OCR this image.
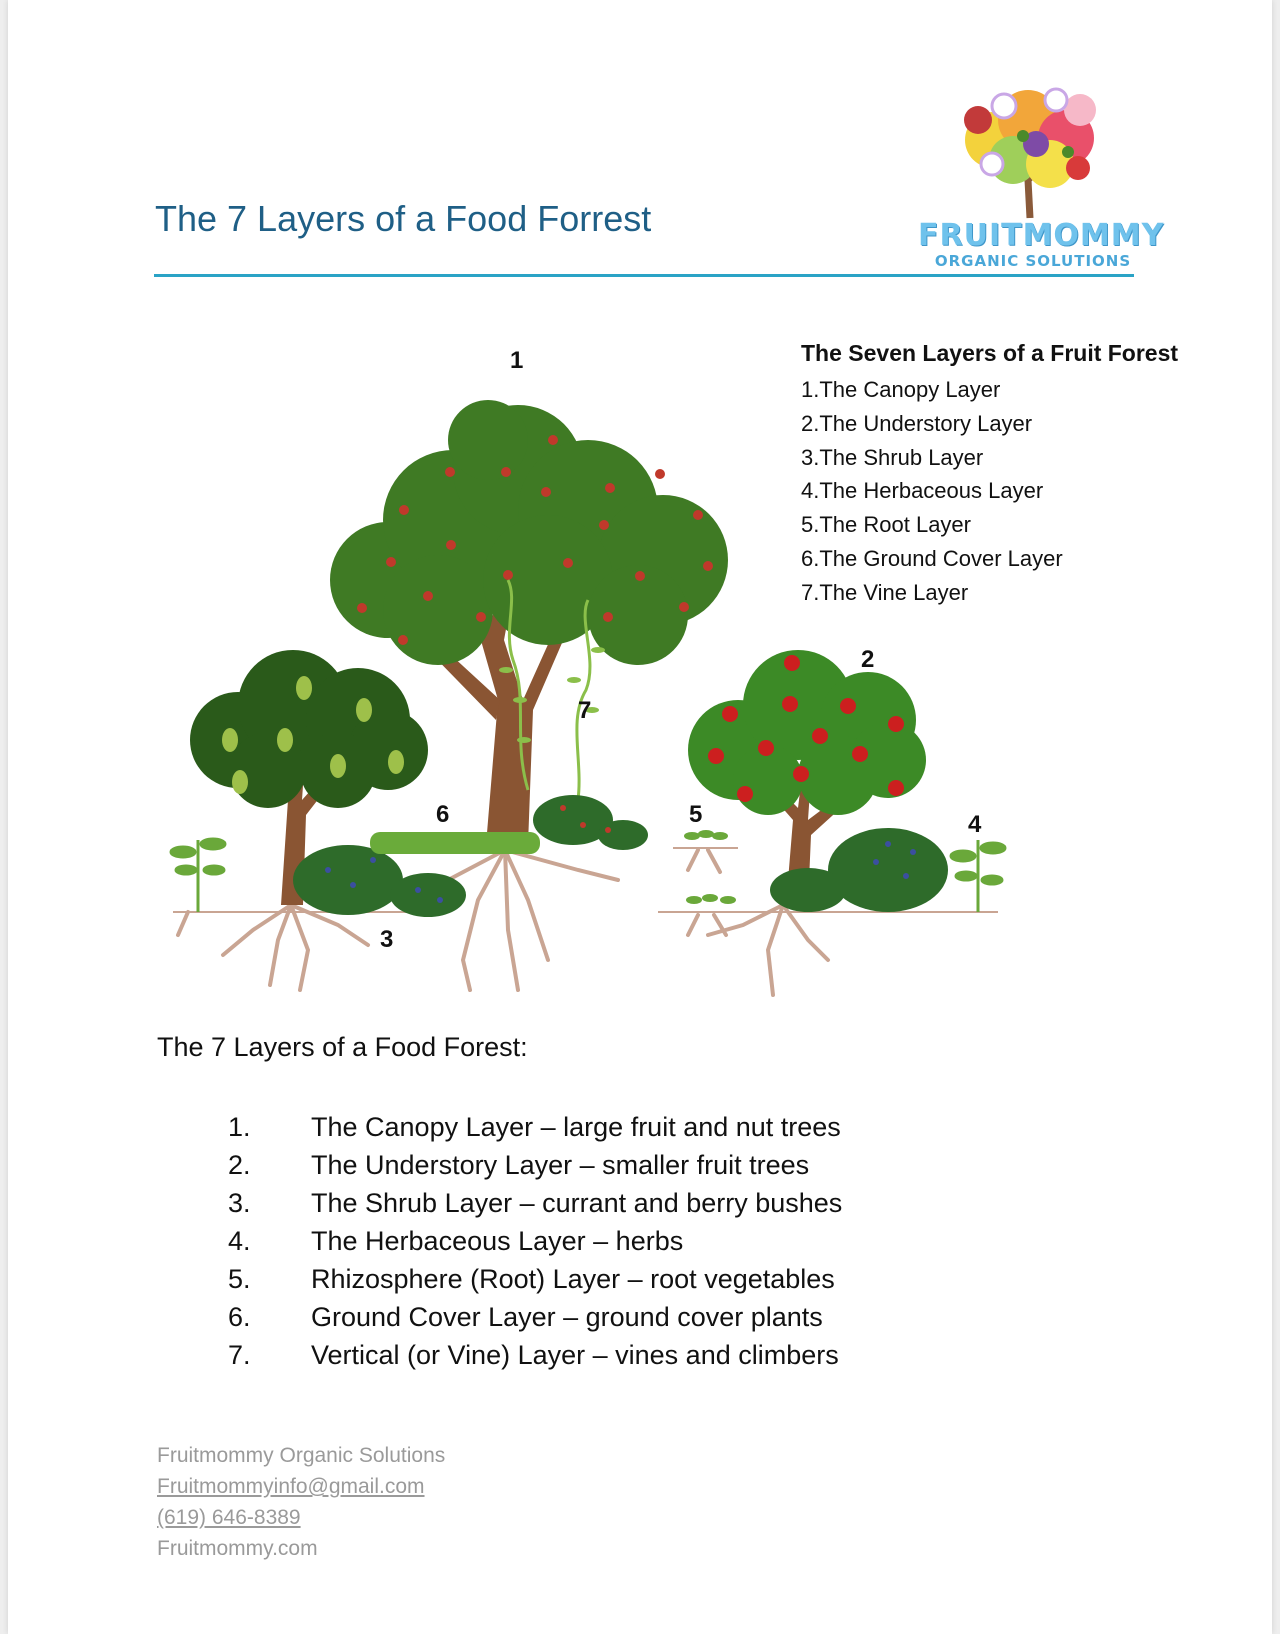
The 7 Layers of a Food Forrest	FRUITMOMMY
ORGANIC SOLUTIONS
1
2
3
4
5
6
7

The Seven Layers of a Fruit Forest

1.The Canopy Layer
2.The Understory Layer
3.The Shrub Layer
4.The Herbaceous Layer
5.The Root Layer
6.The Ground Cover Layer
7.The Vine Layer
The 7 Layers of a Food Forest:
1. The Canopy Layer – large fruit and nut trees
2. The Understory Layer – smaller fruit trees
3. The Shrub Layer – currant and berry bushes
4. The Herbaceous Layer – herbs
5. Rhizosphere (Root) Layer – root vegetables
6. Ground Cover Layer – ground cover plants
7. Vertical (or Vine) Layer – vines and climbers
Fruitmommy Organic Solutions
Fruitmommyinfo@gmail.com
(619) 646-8389
Fruitmommy.com
